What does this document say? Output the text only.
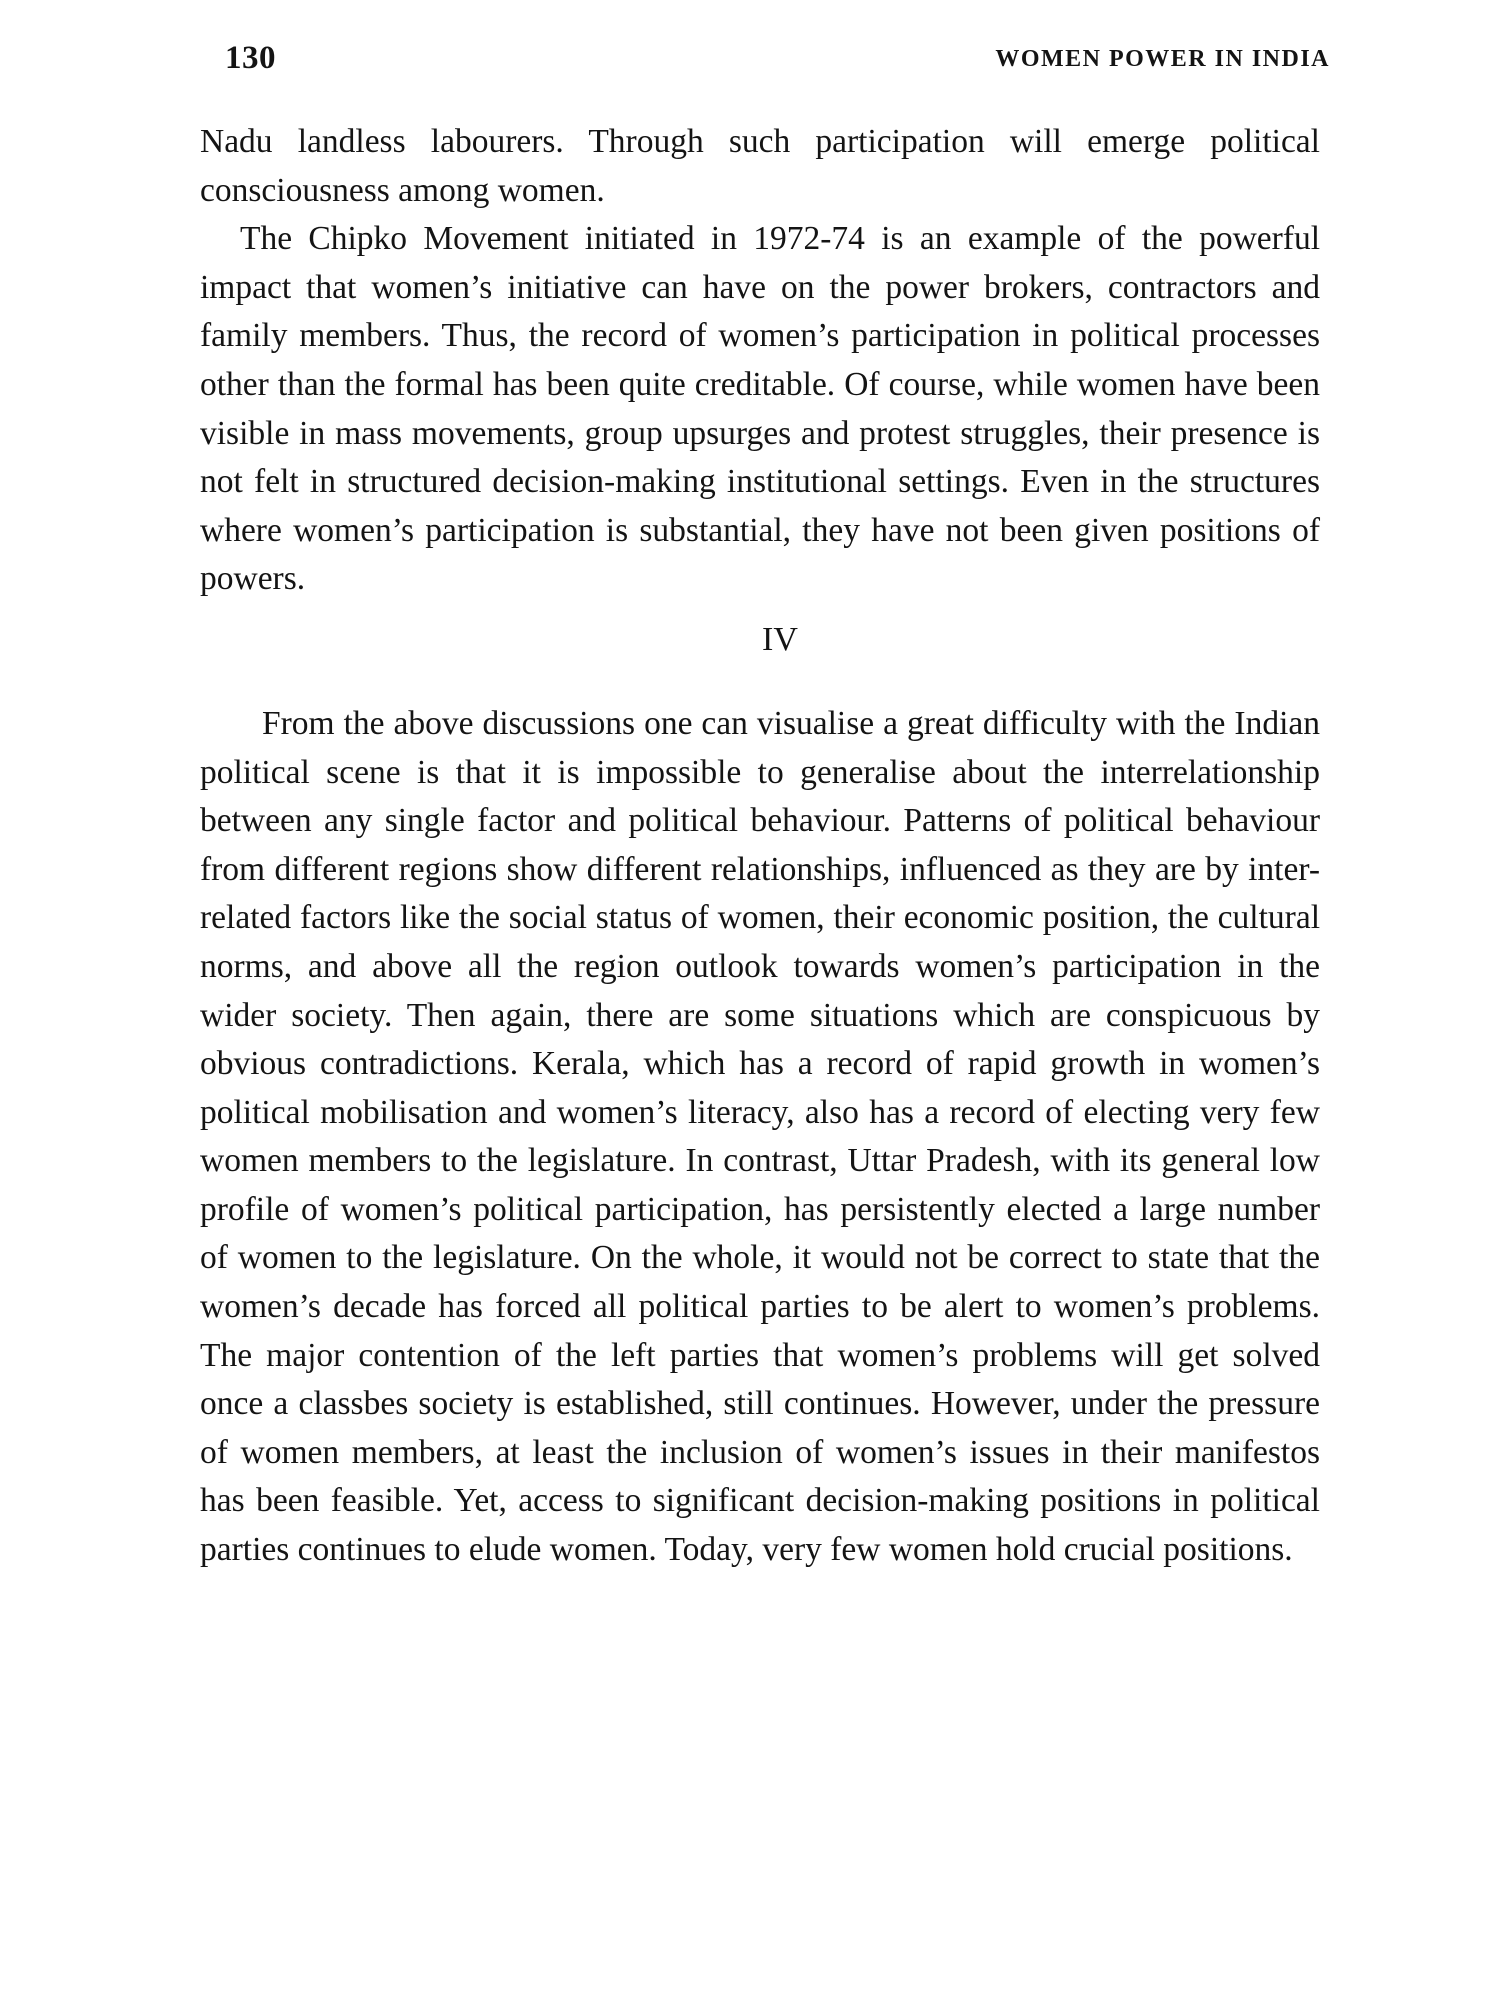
130	WOMEN POWER IN INDIA

Nadu landless labourers. Through such participation will emerge political consciousness among women.

The Chipko Movement initiated in 1972-74 is an example of the powerful impact that women’s initiative can have on the power brokers, contractors and family members. Thus, the record of women’s participation in political processes other than the formal has been quite creditable. Of course, while women have been visible in mass movements, group upsurges and protest struggles, their presence is not felt in structured decision-making institutional settings. Even in the structures where women’s participation is substantial, they have not been given positions of powers.

IV

From the above discussions one can visualise a great difficulty with the Indian political scene is that it is impossible to generalise about the interrelationship between any single factor and political behaviour. Patterns of political behaviour from different regions show different relationships, influenced as they are by inter-related factors like the social status of women, their economic position, the cultural norms, and above all the region outlook towards women’s participation in the wider society. Then again, there are some situations which are conspicuous by obvious contradictions. Kerala, which has a record of rapid growth in women’s political mobilisation and women’s literacy, also has a record of electing very few women members to the legislature. In contrast, Uttar Pradesh, with its general low profile of women’s political participation, has persistently elected a large number of women to the legislature. On the whole, it would not be correct to state that the women’s decade has forced all political parties to be alert to women’s problems. The major contention of the left parties that women’s problems will get solved once a classbes society is established, still continues. However, under the pressure of women members, at least the inclusion of women’s issues in their manifestos has been feasible. Yet, access to significant decision-making positions in political parties continues to elude women. Today, very few women hold crucial positions.
